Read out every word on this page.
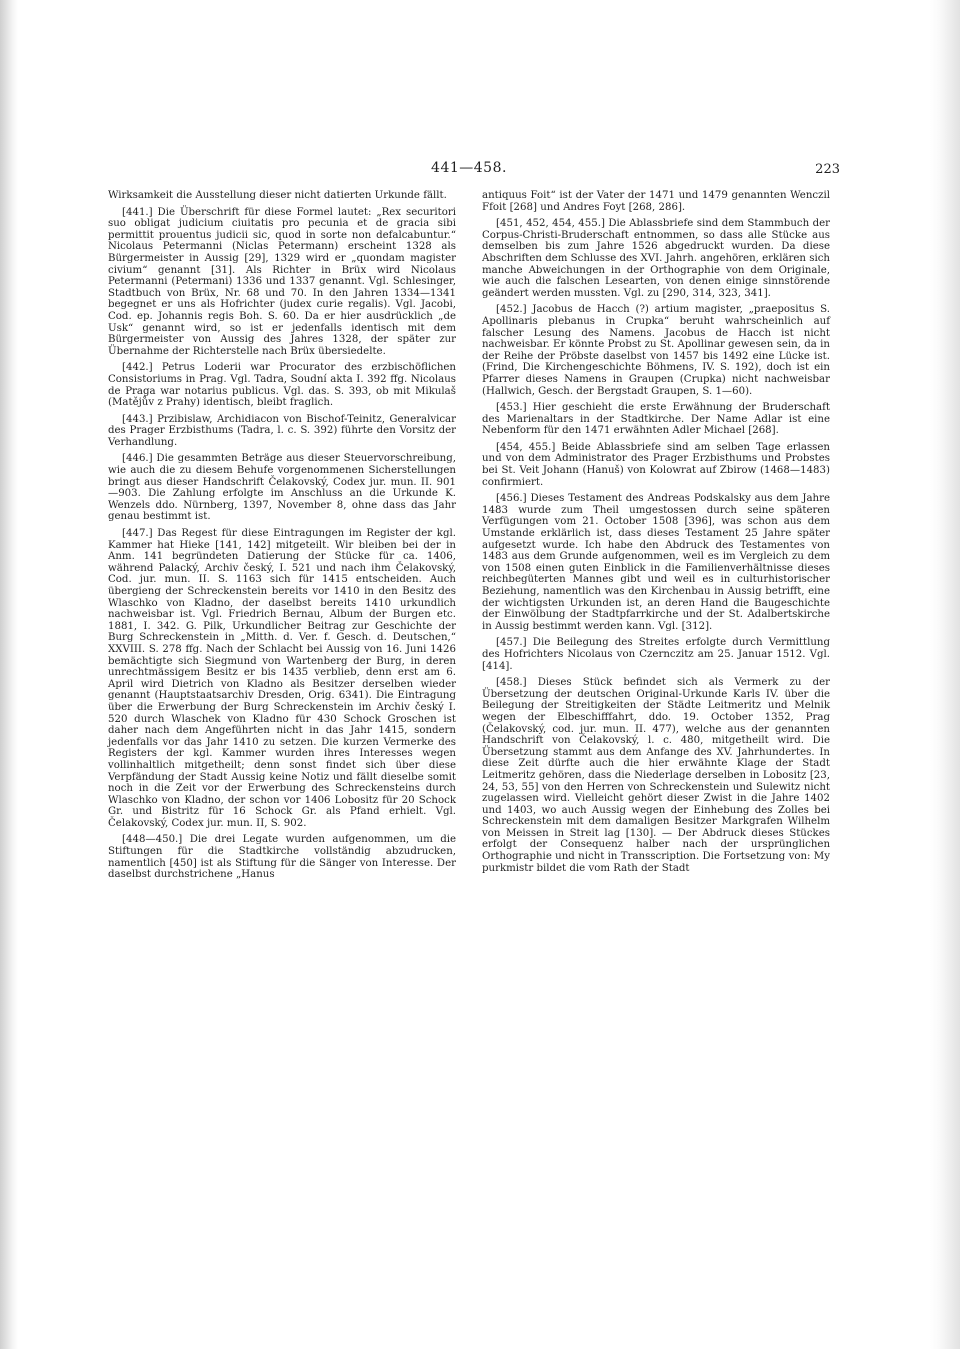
441—458.	223

Wirksamkeit die Ausstellung dieser nicht datierten Urkunde fällt.

[441.] Die Überschrift für diese Formel lautet: „Rex securitori suo obligat judicium ciuitatis pro pecunia et de gracia sibi permittit prouentus judicii sic, quod in sorte non defalcabuntur.“ Nicolaus Petermanni (Niclas Petermann) erscheint 1328 als Bürgermeister in Aussig [29], 1329 wird er „quondam magister civium“ genannt [31]. Als Richter in Brüx wird Nicolaus Petermanni (Petermani) 1336 und 1337 genannt. Vgl. Schlesinger, Stadtbuch von Brüx, Nr. 68 und 70. In den Jahren 1334—1341 begegnet er uns als Hofrichter (judex curie regalis). Vgl. Jacobi, Cod. ep. Johannis regis Boh. S. 60. Da er hier ausdrücklich „de Usk“ genannt wird, so ist er jedenfalls identisch mit dem Bürgermeister von Aussig des Jahres 1328, der später zur Übernahme der Richterstelle nach Brüx übersiedelte.

[442.] Petrus Loderii war Procurator des erzbischöflichen Consistoriums in Prag. Vgl. Tadra, Soudní akta I. 392 ffg. Nicolaus de Praga war notarius publicus. Vgl. das. S. 393, ob mit Mikulaš (Matějův z Prahy) identisch, bleibt fraglich.

[443.] Przibislaw, Archidiacon von Bischof-Teinitz, Generalvicar des Prager Erzbisthums (Tadra, l. c. S. 392) führte den Vorsitz der Verhandlung.

[446.] Die gesammten Beträge aus dieser Steuervorschreibung, wie auch die zu diesem Behufe vorgenommenen Sicherstellungen bringt aus dieser Handschrift Čelakovský, Codex jur. mun. II. 901—903. Die Zahlung erfolgte im Anschluss an die Urkunde K. Wenzels ddo. Nürnberg, 1397, November 8, ohne dass das Jahr genau bestimmt ist.

[447.] Das Regest für diese Eintragungen im Register der kgl. Kammer hat Hieke [141, 142] mitgeteilt. Wir bleiben bei der in Anm. 141 begründeten Datierung der Stücke für ca. 1406, während Palacký, Archiv český, I. 521 und nach ihm Čelakovský, Cod. jur. mun. II. S. 1163 sich für 1415 entscheiden. Auch übergieng der Schreckenstein bereits vor 1410 in den Besitz des Wlaschko von Kladno, der daselbst bereits 1410 urkundlich nachweisbar ist. Vgl. Friedrich Bernau, Album der Burgen etc. 1881, I. 342. G. Pilk, Urkundlicher Beitrag zur Geschichte der Burg Schreckenstein in „Mitth. d. Ver. f. Gesch. d. Deutschen,“ XXVIII. S. 278 ffg. Nach der Schlacht bei Aussig von 16. Juni 1426 bemächtigte sich Siegmund von Wartenberg der Burg, in deren unrechtmässigem Besitz er bis 1435 verblieb, denn erst am 6. April wird Dietrich von Kladno als Besitzer derselben wieder genannt (Hauptstaatsarchiv Dresden, Orig. 6341). Die Eintragung über die Erwerbung der Burg Schreckenstein im Archiv český I. 520 durch Wlaschek von Kladno für 430 Schock Groschen ist daher nach dem Angeführten nicht in das Jahr 1415, sondern jedenfalls vor das Jahr 1410 zu setzen. Die kurzen Vermerke des Registers der kgl. Kammer wurden ihres Interesses wegen vollinhaltlich mitgetheilt; denn sonst findet sich über diese Verpfändung der Stadt Aussig keine Notiz und fällt dieselbe somit noch in die Zeit vor der Erwerbung des Schreckensteins durch Wlaschko von Kladno, der schon vor 1406 Lobositz für 20 Schock Gr. und Bistritz für 16 Schock Gr. als Pfand erhielt. Vgl. Čelakovský, Codex jur. mun. II, S. 902.

[448—450.] Die drei Legate wurden aufgenommen, um die Stiftungen für die Stadtkirche vollständig abzudrucken, namentlich [450] ist als Stiftung für die Sänger von Interesse. Der daselbst durchstrichene „Hanus

antiquus Foit“ ist der Vater der 1471 und 1479 genannten Wenczil Ffoit [268] und Andres Foyt [268, 286].

[451, 452, 454, 455.] Die Ablassbriefe sind dem Stammbuch der Corpus-Christi-Bruderschaft entnommen, so dass alle Stücke aus demselben bis zum Jahre 1526 abgedruckt wurden. Da diese Abschriften dem Schlusse des XVI. Jahrh. angehören, erklären sich manche Abweichungen in der Orthographie von dem Originale, wie auch die falschen Lesearten, von denen einige sinnstörende geändert werden mussten. Vgl. zu [290, 314, 323, 341].

[452.] Jacobus de Hacch (?) artium magister, „praepositus S. Apollinaris plebanus in Crupka“ beruht wahrscheinlich auf falscher Lesung des Namens. Jacobus de Hacch ist nicht nachweisbar. Er könnte Probst zu St. Apollinar gewesen sein, da in der Reihe der Pröbste daselbst von 1457 bis 1492 eine Lücke ist. (Frind, Die Kirchengeschichte Böhmens, IV. S. 192), doch ist ein Pfarrer dieses Namens in Graupen (Crupka) nicht nachweisbar (Hallwich, Gesch. der Bergstadt Graupen, S. 1—60).

[453.] Hier geschieht die erste Erwähnung der Bruderschaft des Marienaltars in der Stadtkirche. Der Name Adlar ist eine Nebenform für den 1471 erwähnten Adler Michael [268].

[454, 455.] Beide Ablassbriefe sind am selben Tage erlassen und von dem Administrator des Prager Erzbisthums und Probstes bei St. Veit Johann (Hanuš) von Kolowrat auf Zbirow (1468—1483) confirmiert.

[456.] Dieses Testament des Andreas Podskalsky aus dem Jahre 1483 wurde zum Theil umgestossen durch seine späteren Verfügungen vom 21. October 1508 [396], was schon aus dem Umstande erklärlich ist, dass dieses Testament 25 Jahre später aufgesetzt wurde. Ich habe den Abdruck des Testamentes von 1483 aus dem Grunde aufgenommen, weil es im Vergleich zu dem von 1508 einen guten Einblick in die Familienverhältnisse dieses reichbegüterten Mannes gibt und weil es in culturhistorischer Beziehung, namentlich was den Kirchenbau in Aussig betrifft, eine der wichtigsten Urkunden ist, an deren Hand die Baugeschichte der Einwölbung der Stadtpfarrkirche und der St. Adalbertskirche in Aussig bestimmt werden kann. Vgl. [312].

[457.] Die Beilegung des Streites erfolgte durch Vermittlung des Hofrichters Nicolaus von Czernczitz am 25. Januar 1512. Vgl. [414].

[458.] Dieses Stück befindet sich als Vermerk zu der Übersetzung der deutschen Original-Urkunde Karls IV. über die Beilegung der Streitigkeiten der Städte Leitmeritz und Melnik wegen der Elbeschifffahrt, ddo. 19. October 1352, Prag (Čelakovský, cod. jur. mun. II. 477), welche aus der genannten Handschrift von Čelakovský, l. c. 480, mitgetheilt wird. Die Übersetzung stammt aus dem Anfange des XV. Jahrhundertes. In diese Zeit dürfte auch die hier erwähnte Klage der Stadt Leitmeritz gehören, dass die Niederlage derselben in Lobositz [23, 24, 53, 55] von den Herren von Schreckenstein und Sulewitz nicht zugelassen wird. Vielleicht gehört dieser Zwist in die Jahre 1402 und 1403, wo auch Aussig wegen der Einhebung des Zolles bei Schreckenstein mit dem damaligen Besitzer Markgrafen Wilhelm von Meissen in Streit lag [130]. — Der Abdruck dieses Stückes erfolgt der Consequenz halber nach der ursprünglichen Orthographie und nicht in Transscription. Die Fortsetzung von: My purkmistr bildet die vom Rath der Stadt
